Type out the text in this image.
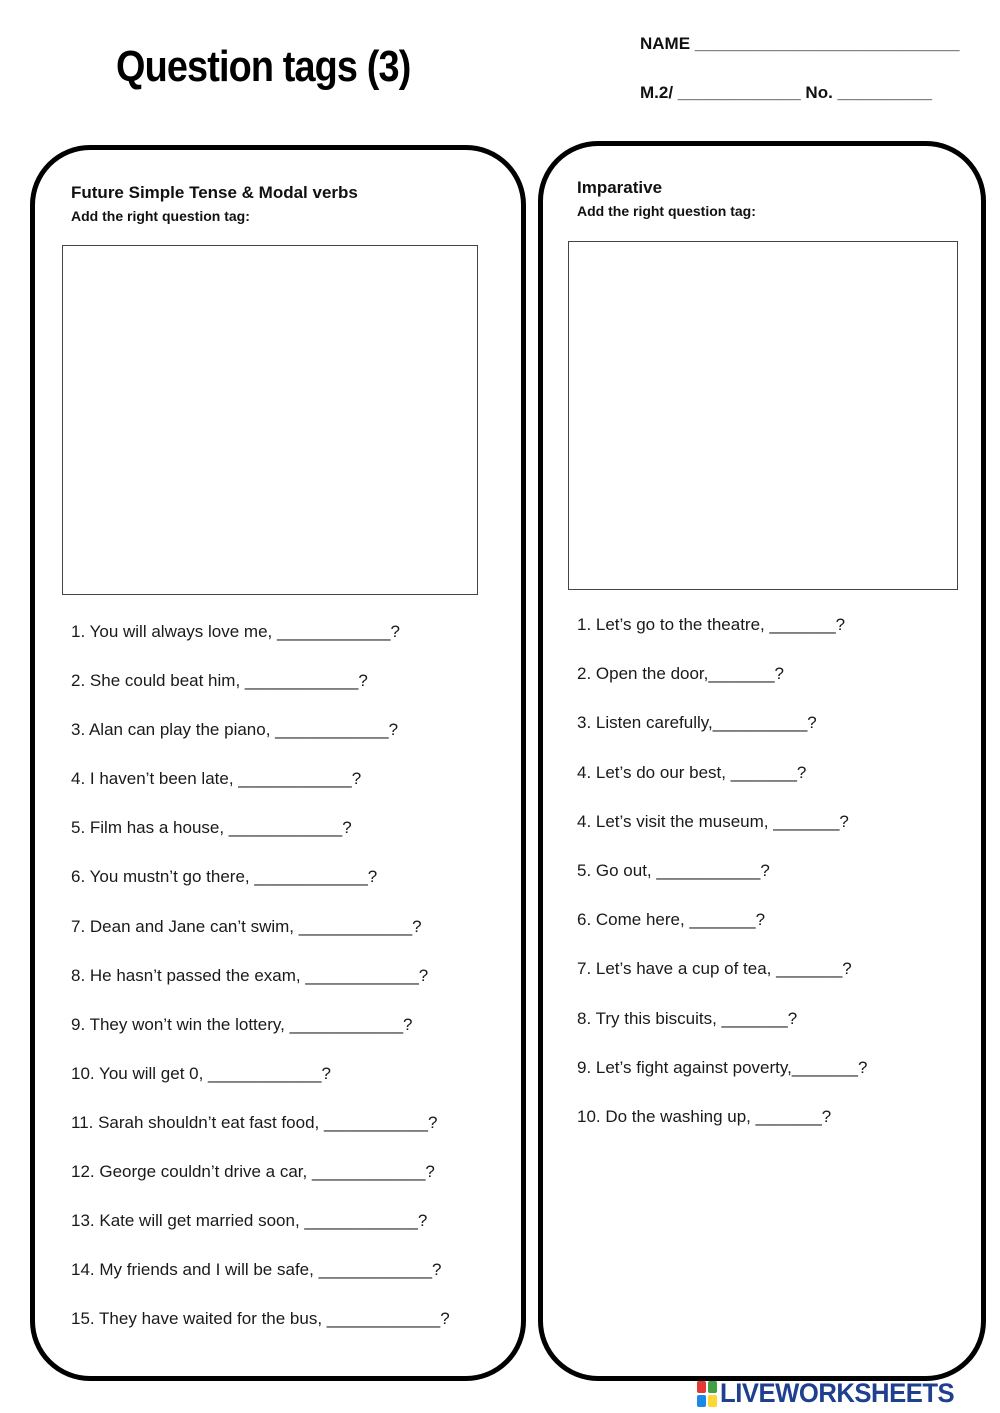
Question tags (3)	NAME ____________________________
M.2/ _____________ No. __________
Future Simple Tense & Modal verbs
Add the right question tag:
1. You will always love me, ____________?
2. She could beat him, ____________?
3. Alan can play the piano, ____________?
4. I haven’t been late, ____________?
5. Film has a house, ____________?
6. You mustn’t go there, ____________?
7. Dean and Jane can’t swim, ____________?
8. He hasn’t passed the exam, ____________?
9. They won’t win the lottery, ____________?
10. You will get 0, ____________?
11. Sarah shouldn’t eat fast food, ___________?
12. George couldn’t drive a car, ____________?
13. Kate will get married soon, ____________?
14. My friends and I will be safe, ____________?
15. They have waited for the bus, ____________?
Imparative
Add the right question tag:
1. Let’s go to the theatre, _______?
2. Open the door,_______?
3. Listen carefully,__________?
4. Let’s do our best, _______?
4. Let’s visit the museum, _______?
5. Go out, ___________?
6. Come here, _______?
7. Let’s have a cup of tea, _______?
8. Try this biscuits, _______?
9. Let’s fight against poverty,_______?
10. Do the washing up, _______?
LIVEWORKSHEETS
